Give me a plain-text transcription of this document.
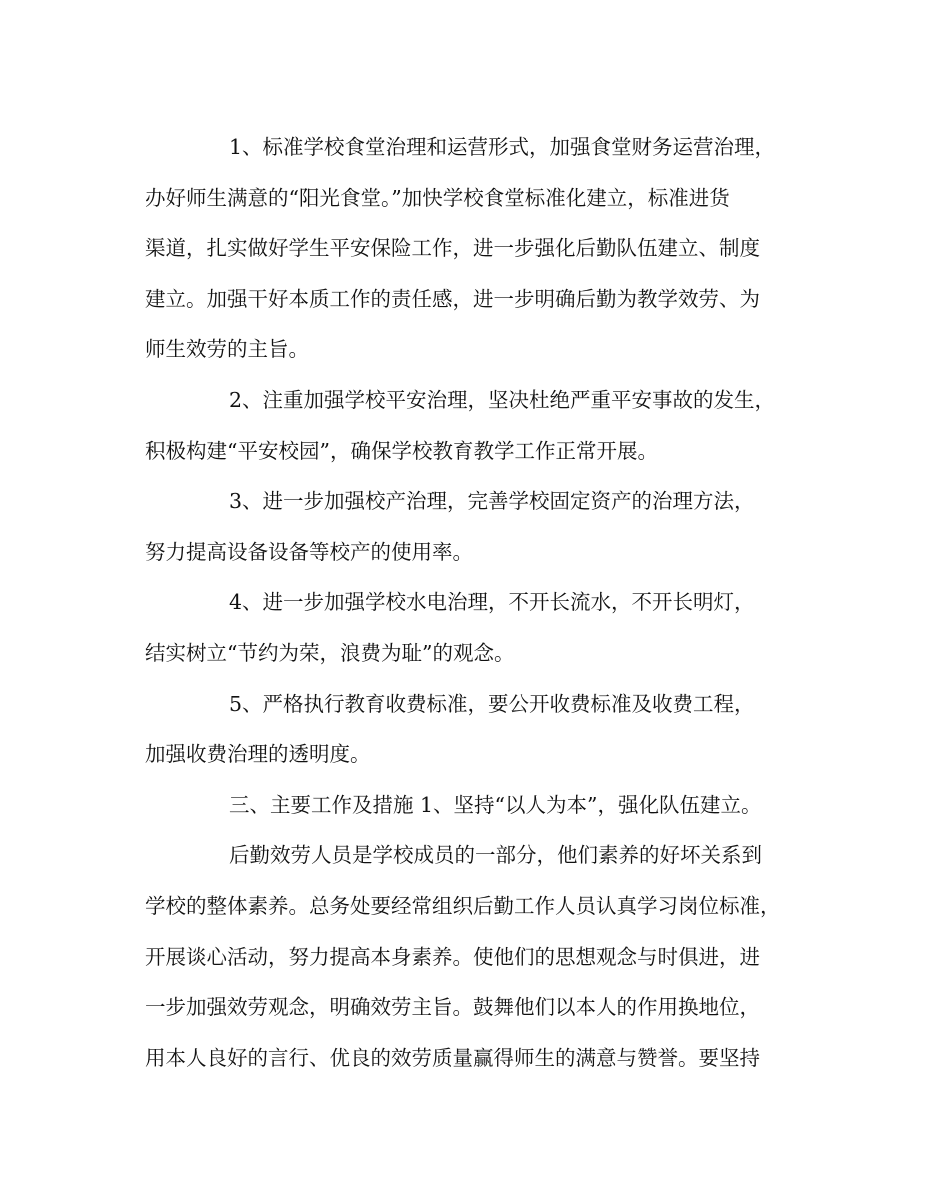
1、标准学校食堂治理和运营形式，加强食堂财务运营治理，
办好师生满意的“阳光食堂。”加快学校食堂标准化建立，标准进货
渠道，扎实做好学生平安保险工作，进一步强化后勤队伍建立、制度
建立。加强干好本质工作的责任感，进一步明确后勤为教学效劳、为
师生效劳的主旨。
2、注重加强学校平安治理，坚决杜绝严重平安事故的发生，
积极构建“平安校园”，确保学校教育教学工作正常开展。
3、进一步加强校产治理，完善学校固定资产的治理方法，
努力提高设备设备等校产的使用率。
4、进一步加强学校水电治理，不开长流水，不开长明灯，
结实树立“节约为荣，浪费为耻”的观念。
5、严格执行教育收费标准，要公开收费标准及收费工程，
加强收费治理的透明度。
三、主要工作及措施 1、坚持“以人为本”，强化队伍建立。
后勤效劳人员是学校成员的一部分，他们素养的好坏关系到
学校的整体素养。总务处要经常组织后勤工作人员认真学习岗位标准，
开展谈心活动，努力提高本身素养。使他们的思想观念与时俱进，进
一步加强效劳观念，明确效劳主旨。鼓舞他们以本人的作用换地位，
用本人良好的言行、优良的效劳质量赢得师生的满意与赞誉。要坚持
